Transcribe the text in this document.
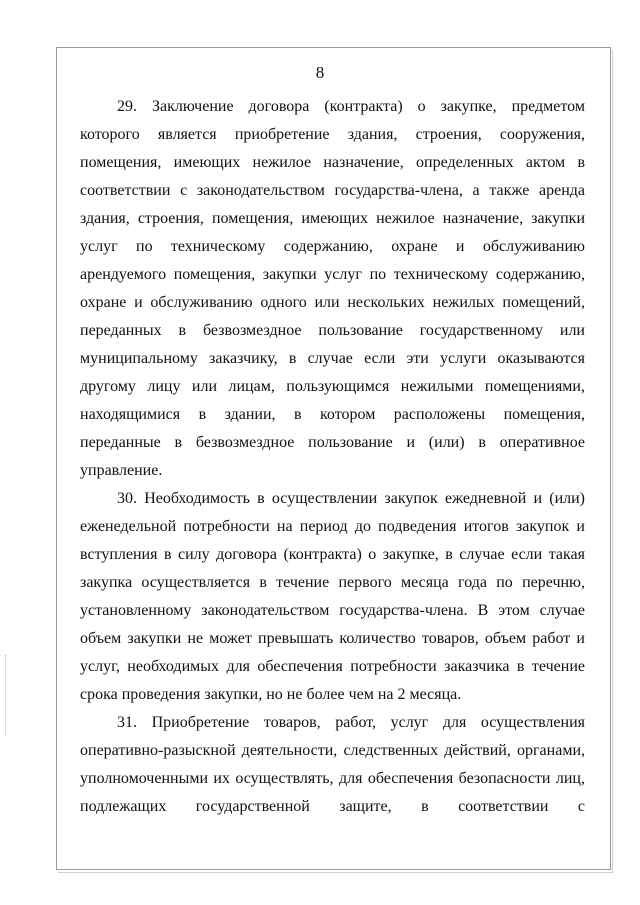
8
29. Заключение договора (контракта) о закупке, предметом
которого является приобретение здания, строения, сооружения,
помещения, имеющих нежилое назначение, определенных актом в
соответствии с законодательством государства-члена, а также аренда
здания, строения, помещения, имеющих нежилое назначение, закупки
услуг по техническому содержанию, охране и обслуживанию
арендуемого помещения, закупки услуг по техническому содержанию,
охране и обслуживанию одного или нескольких нежилых помещений,
переданных в безвозмездное пользование государственному или
муниципальному заказчику, в случае если эти услуги оказываются
другому лицу или лицам, пользующимся нежилыми помещениями,
находящимися в здании, в котором расположены помещения,
переданные в безвозмездное пользование и (или) в оперативное
управление.
30. Необходимость в осуществлении закупок ежедневной и (или)
еженедельной потребности на период до подведения итогов закупок и
вступления в силу договора (контракта) о закупке, в случае если такая
закупка осуществляется в течение первого месяца года по перечню,
установленному законодательством государства-члена. В этом случае
объем закупки не может превышать количество товаров, объем работ и
услуг, необходимых для обеспечения потребности заказчика в течение
срока проведения закупки, но не более чем на 2 месяца.
31. Приобретение товаров, работ, услуг для осуществления
оперативно-разыскной деятельности, следственных действий, органами,
уполномоченными их осуществлять, для обеспечения безопасности лиц,
подлежащих государственной защите, в соответствии с
